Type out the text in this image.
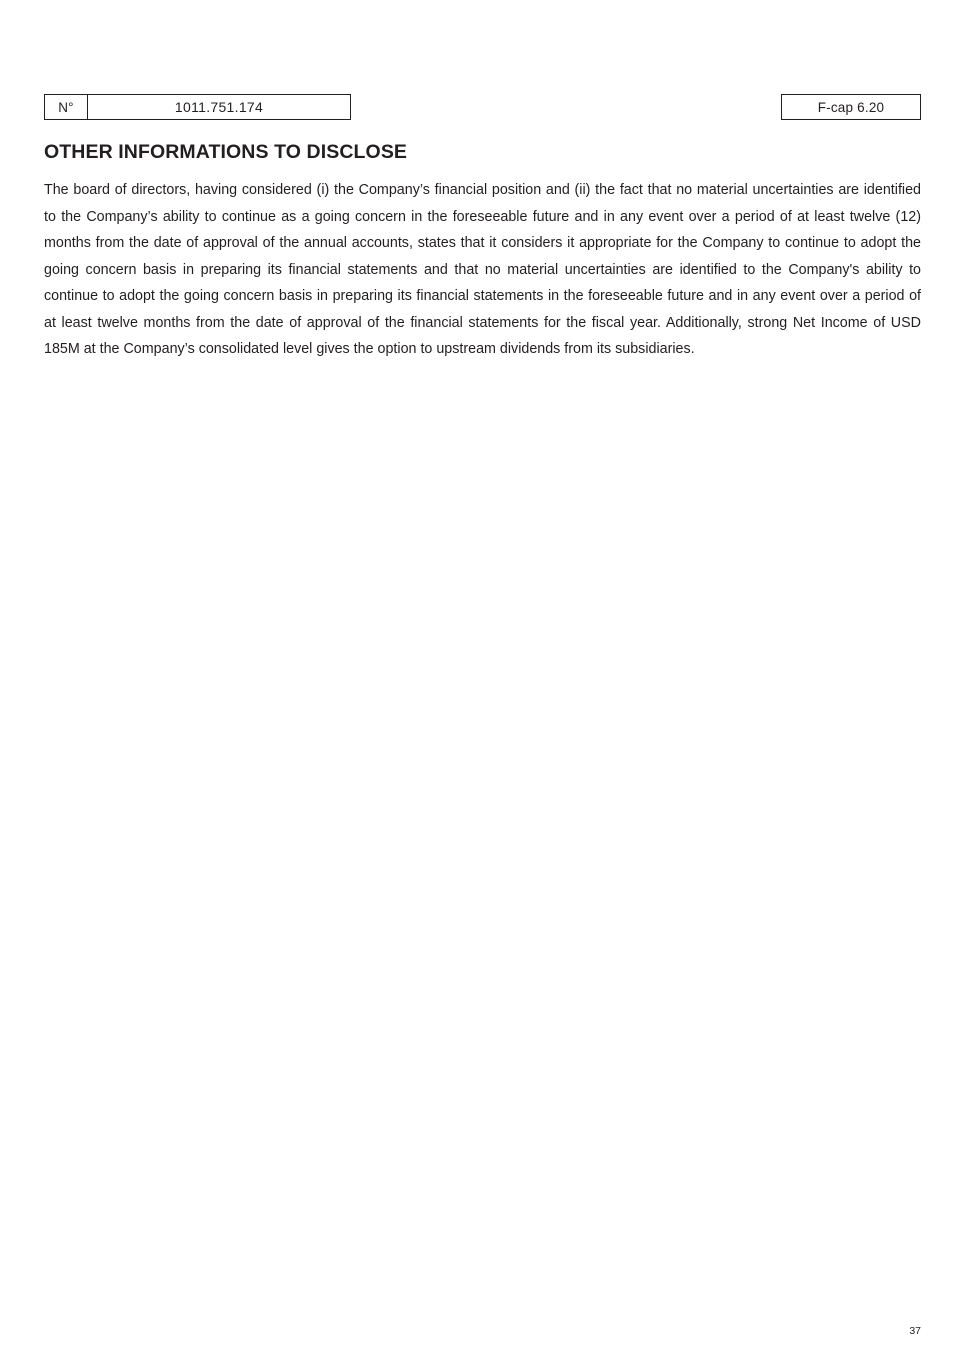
N°	1011.751.174	F-cap 6.20
OTHER INFORMATIONS TO DISCLOSE

The board of directors, having considered (i) the Company’s financial position and (ii) the fact that no material uncertainties are identified to the Company’s ability to continue as a going concern in the foreseeable future and in any event over a period of at least twelve (12) months from the date of approval of the annual accounts, states that it considers it appropriate for the Company to continue to adopt the going concern basis in preparing its financial statements and that no material uncertainties are identified to the Company's ability to continue to adopt the going concern basis in preparing its financial statements in the foreseeable future and in any event over a period of at least twelve months from the date of approval of the financial statements for the fiscal year. Additionally, strong Net Income of USD 185M at the Company’s consolidated level gives the option to upstream dividends from its subsidiaries.

37
